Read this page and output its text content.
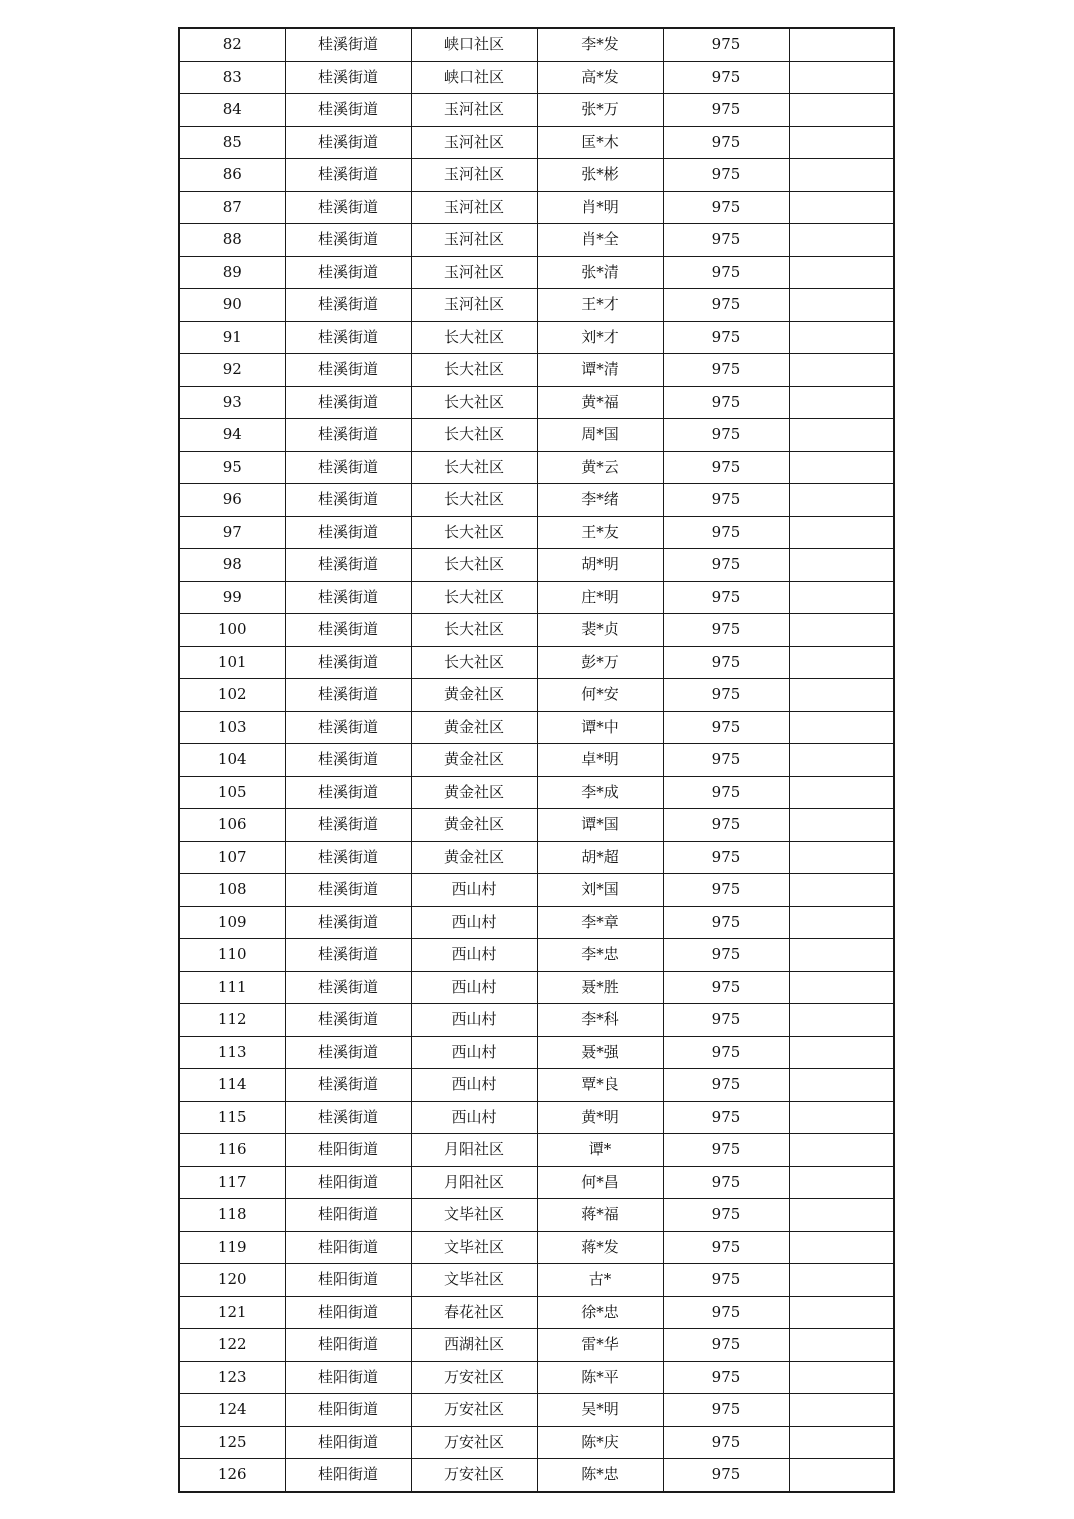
82	桂溪街道	峡口社区	李*发	975	
83	桂溪街道	峡口社区	高*发	975	
84	桂溪街道	玉河社区	张*万	975	
85	桂溪街道	玉河社区	匡*木	975	
86	桂溪街道	玉河社区	张*彬	975	
87	桂溪街道	玉河社区	肖*明	975	
88	桂溪街道	玉河社区	肖*全	975	
89	桂溪街道	玉河社区	张*清	975	
90	桂溪街道	玉河社区	王*才	975	
91	桂溪街道	长大社区	刘*才	975	
92	桂溪街道	长大社区	谭*清	975	
93	桂溪街道	长大社区	黄*福	975	
94	桂溪街道	长大社区	周*国	975	
95	桂溪街道	长大社区	黄*云	975	
96	桂溪街道	长大社区	李*绪	975	
97	桂溪街道	长大社区	王*友	975	
98	桂溪街道	长大社区	胡*明	975	
99	桂溪街道	长大社区	庄*明	975	
100	桂溪街道	长大社区	裴*贞	975	
101	桂溪街道	长大社区	彭*万	975	
102	桂溪街道	黄金社区	何*安	975	
103	桂溪街道	黄金社区	谭*中	975	
104	桂溪街道	黄金社区	卓*明	975	
105	桂溪街道	黄金社区	李*成	975	
106	桂溪街道	黄金社区	谭*国	975	
107	桂溪街道	黄金社区	胡*超	975	
108	桂溪街道	西山村	刘*国	975	
109	桂溪街道	西山村	李*章	975	
110	桂溪街道	西山村	李*忠	975	
111	桂溪街道	西山村	聂*胜	975	
112	桂溪街道	西山村	李*科	975	
113	桂溪街道	西山村	聂*强	975	
114	桂溪街道	西山村	覃*良	975	
115	桂溪街道	西山村	黄*明	975	
116	桂阳街道	月阳社区	谭*	975	
117	桂阳街道	月阳社区	何*昌	975	
118	桂阳街道	文毕社区	蒋*福	975	
119	桂阳街道	文毕社区	蒋*发	975	
120	桂阳街道	文毕社区	古*	975	
121	桂阳街道	春花社区	徐*忠	975	
122	桂阳街道	西湖社区	雷*华	975	
123	桂阳街道	万安社区	陈*平	975	
124	桂阳街道	万安社区	吴*明	975	
125	桂阳街道	万安社区	陈*庆	975	
126	桂阳街道	万安社区	陈*忠	975	
